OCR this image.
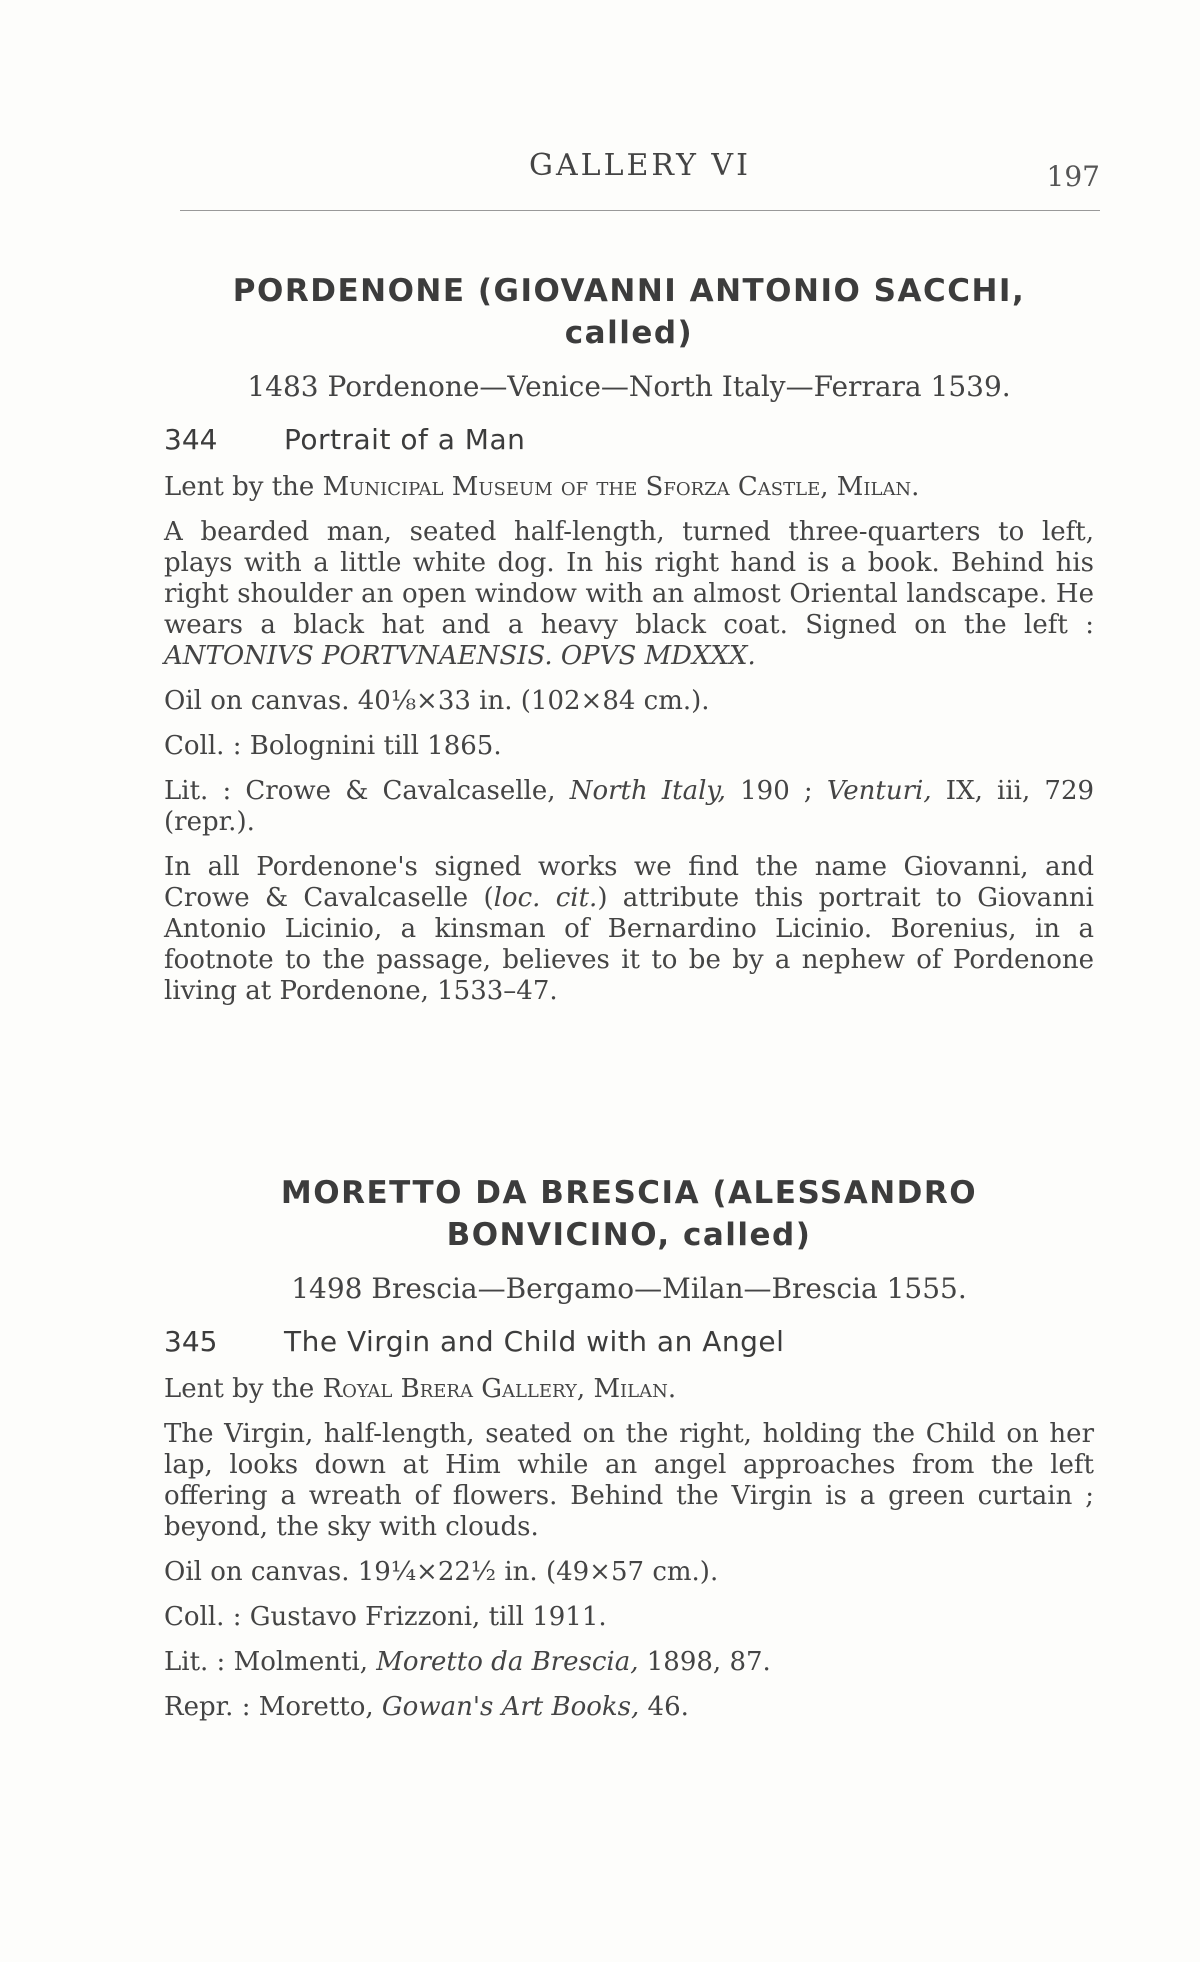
GALLERY VI	197
PORDENONE (GIOVANNI ANTONIO SACCHI,
called)
1483 Pordenone—Venice—North Italy—Ferrara 1539.
344	Portrait of a Man

Lent by the Municipal Museum of the Sforza Castle, Milan.

A bearded man, seated half-length, turned three-quarters to left, plays with a little white dog. In his right hand is a book. Behind his right shoulder an open window with an almost Oriental landscape. He wears a black hat and a heavy black coat. Signed on the left : ANTONIVS PORTVNAENSIS. OPVS MDXXX.

Oil on canvas. 40⅛×33 in. (102×84 cm.).

Coll. : Bolognini till 1865.

Lit. : Crowe & Cavalcaselle, North Italy, 190 ; Venturi, IX, iii, 729 (repr.).

In all Pordenone's signed works we find the name Giovanni, and Crowe & Cavalcaselle (loc. cit.) attribute this portrait to Giovanni Antonio Licinio, a kinsman of Bernardino Licinio. Borenius, in a footnote to the passage, believes it to be by a nephew of Pordenone living at Pordenone, 1533–47.

MORETTO DA BRESCIA (ALESSANDRO
BONVICINO, called)
1498 Brescia—Bergamo—Milan—Brescia 1555.
345	The Virgin and Child with an Angel

Lent by the Royal Brera Gallery, Milan.

The Virgin, half-length, seated on the right, holding the Child on her lap, looks down at Him while an angel approaches from the left offering a wreath of flowers. Behind the Virgin is a green curtain ; beyond, the sky with clouds.

Oil on canvas. 19¼×22½ in. (49×57 cm.).

Coll. : Gustavo Frizzoni, till 1911.

Lit. : Molmenti, Moretto da Brescia, 1898, 87.

Repr. : Moretto, Gowan's Art Books, 46.
